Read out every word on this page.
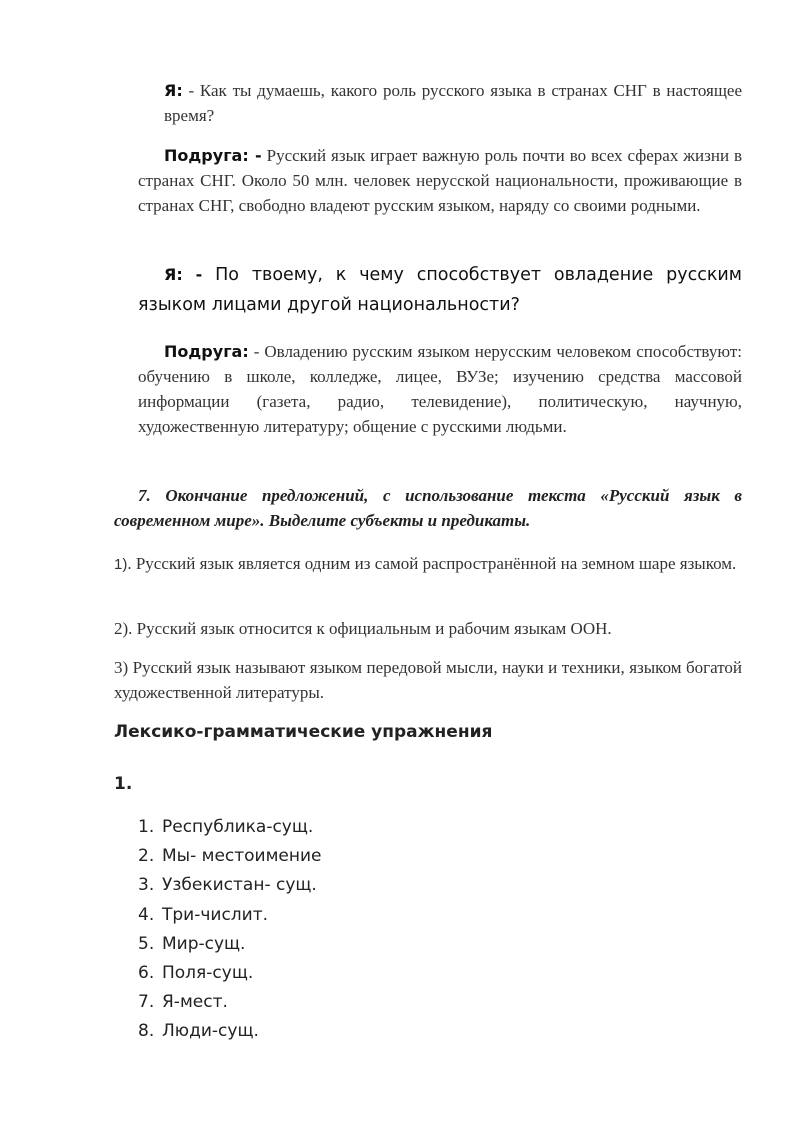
Я: - Как ты думаешь, какого роль русского языка в странах СНГ в настоящее время?
Подруга: - Русский язык играет важную роль почти во всех сферах жизни в странах СНГ. Около 50 млн. человек нерусской национальности, проживающие в странах СНГ, свободно владеют русским языком, наряду со своими родными.
Я: - По твоему, к чему способствует овладение русским языком лицами другой национальности?
Подруга: - Овладению русским языком нерусским человеком способствуют: обучению в школе, колледже, лицее, ВУЗе; изучению средства массовой информации (газета, радио, телевидение), политическую, научную, художественную литературу; общение с русскими людьми.
7. Окончание предложений, с использование текста «Русский язык в современном мире». Выделите субъекты и предикаты.
1). Русский язык является одним из самой распространённой на земном шаре языком.
2). Русский язык относится к официальным и рабочим языкам ООН.
3) Русский язык называют языком передовой мысли, науки и техники, языком богатой художественной литературы.
Лексико-грамматические упражнения
1.
1. Республика-сущ.
2. Мы- местоимение
3. Узбекистан- сущ.
4. Три-числит.
5. Мир-сущ.
6. Поля-сущ.
7. Я-мест.
8. Люди-сущ.
